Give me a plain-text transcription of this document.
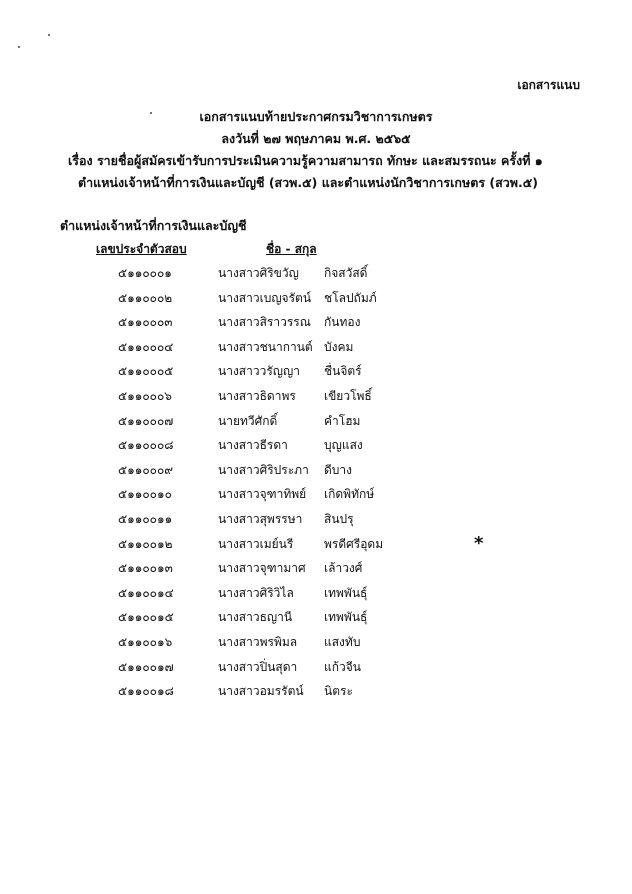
เอกสารแนบ
เอกสารแนบท้ายประกาศกรมวิชาการเกษตร
ลงวันที่ ๒๗ พฤษภาคม พ.ศ. ๒๕๖๕
เรื่อง รายชื่อผู้สมัครเข้ารับการประเมินความรู้ความสามารถ ทักษะ และสมรรถนะ ครั้งที่ ๑
ตำแหน่งเจ้าหน้าที่การเงินและบัญชี (สวพ.๕) และตำแหน่งนักวิชาการเกษตร (สวพ.๕)
ตำแหน่งเจ้าหน้าที่การเงินและบัญชี
เลขประจำตัวสอบ	ชื่อ - สกุล
๕๑๑๐๐๐๑	นางสาวศิริขวัญ กิจสวัสดิ์
๕๑๑๐๐๐๒	นางสาวเบญจรัตน์ ชโลปถัมภ์
๕๑๑๐๐๐๓	นางสาวสิราวรรณ กันทอง
๕๑๑๐๐๐๔	นางสาวชนากานต์ บังคม
๕๑๑๐๐๐๕	นางสาววรัญญา ชื่นจิตร์
๕๑๑๐๐๐๖	นางสาวธิดาพร เขียวโพธิ์
๕๑๑๐๐๐๗	นายทวีศักดิ์	คำโฮม
๕๑๑๐๐๐๘	นางสาวธีรดา	บุญแสง
๕๑๑๐๐๐๙	นางสาวศิริประภา ดีบาง
๕๑๑๐๐๑๐	นางสาวจุฑาทิพย์ เกิดพิทักษ์
๕๑๑๐๐๑๑	นางสาวสุพรรษา สินปรุ
๕๑๑๐๐๑๒	นางสาวเมย์นรี	พรดีศรีอุดม	*
๕๑๑๐๐๑๓	นางสาวจุฑามาศ เล้าวงศ์
๕๑๑๐๐๑๔	นางสาวศิริวิไล	เทพพันธุ์
๕๑๑๐๐๑๕	นางสาวธญานี	เทพพันธุ์
๕๑๑๐๐๑๖	นางสาวพรพิมล แสงทับ
๕๑๑๐๐๑๗	นางสาวปิ่นสุดา แก้วจีน
๕๑๑๐๐๑๘	นางสาวอมรรัตน์ นิตระ
